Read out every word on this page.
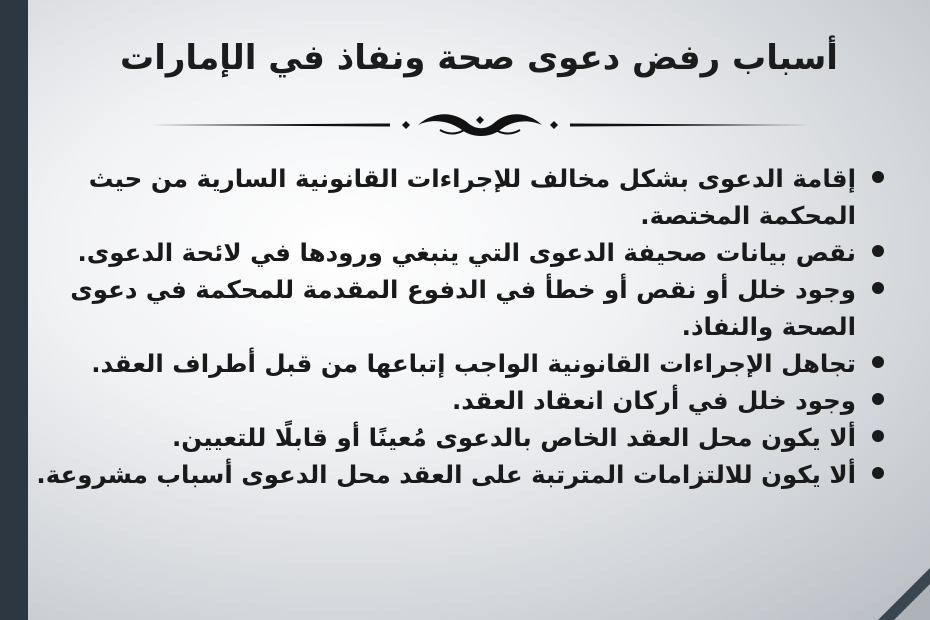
أسباب رفض دعوى صحة ونفاذ في الإمارات
إقامة الدعوى بشكل مخالف للإجراءات القانونية السارية من حيث المحكمة المختصة.
نقص بيانات صحيفة الدعوى التي ينبغي ورودها في لائحة الدعوى.
وجود خلل أو نقص أو خطأ في الدفوع المقدمة للمحكمة في دعوى الصحة والنفاذ.
تجاهل الإجراءات القانونية الواجب إتباعها من قبل أطراف العقد.
وجود خلل في أركان انعقاد العقد.
ألا يكون محل العقد الخاص بالدعوى مُعينًا أو قابلًا للتعيين.
ألا يكون للالتزامات المترتبة على العقد محل الدعوى أسباب مشروعة.
